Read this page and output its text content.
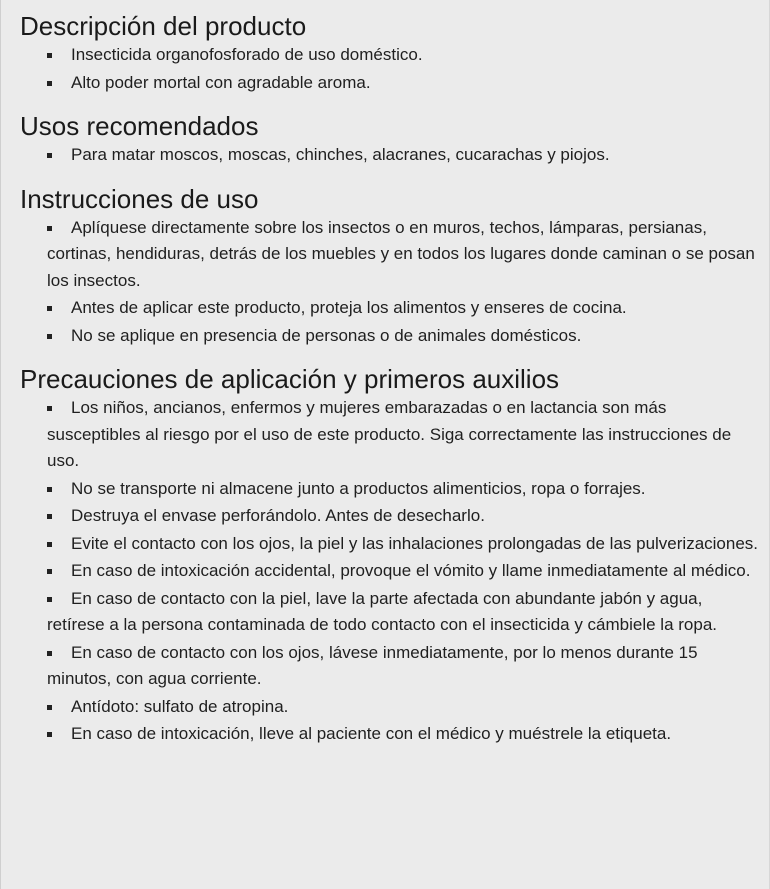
Descripción del producto
Insecticida organofosforado de uso doméstico.
Alto poder mortal con agradable aroma.
Usos recomendados
Para matar moscos, moscas, chinches, alacranes, cucarachas y piojos.
Instrucciones de uso
Aplíquese directamente sobre los insectos o en muros, techos, lámparas, persianas, cortinas, hendiduras, detrás de los muebles y en todos los lugares donde caminan o se posan los insectos.
Antes de aplicar este producto, proteja los alimentos y enseres de cocina.
No se aplique en presencia de personas o de animales domésticos.
Precauciones de aplicación y primeros auxilios
Los niños, ancianos, enfermos y mujeres embarazadas o en lactancia son más susceptibles al riesgo por el uso de este producto. Siga correctamente las instrucciones de uso.
No se transporte ni almacene junto a productos alimenticios, ropa o forrajes.
Destruya el envase perforándolo. Antes de desecharlo.
Evite el contacto con los ojos, la piel y las inhalaciones prolongadas de las pulverizaciones.
En caso de intoxicación accidental, provoque el vómito y llame inmediatamente al médico.
En caso de contacto con la piel, lave la parte afectada con abundante jabón y agua, retírese a la persona contaminada de todo contacto con el insecticida y cámbiele la ropa.
En caso de contacto con los ojos, lávese inmediatamente, por lo menos durante 15 minutos, con agua corriente.
Antídoto: sulfato de atropina.
En caso de intoxicación, lleve al paciente con el médico y muéstrele la etiqueta.
